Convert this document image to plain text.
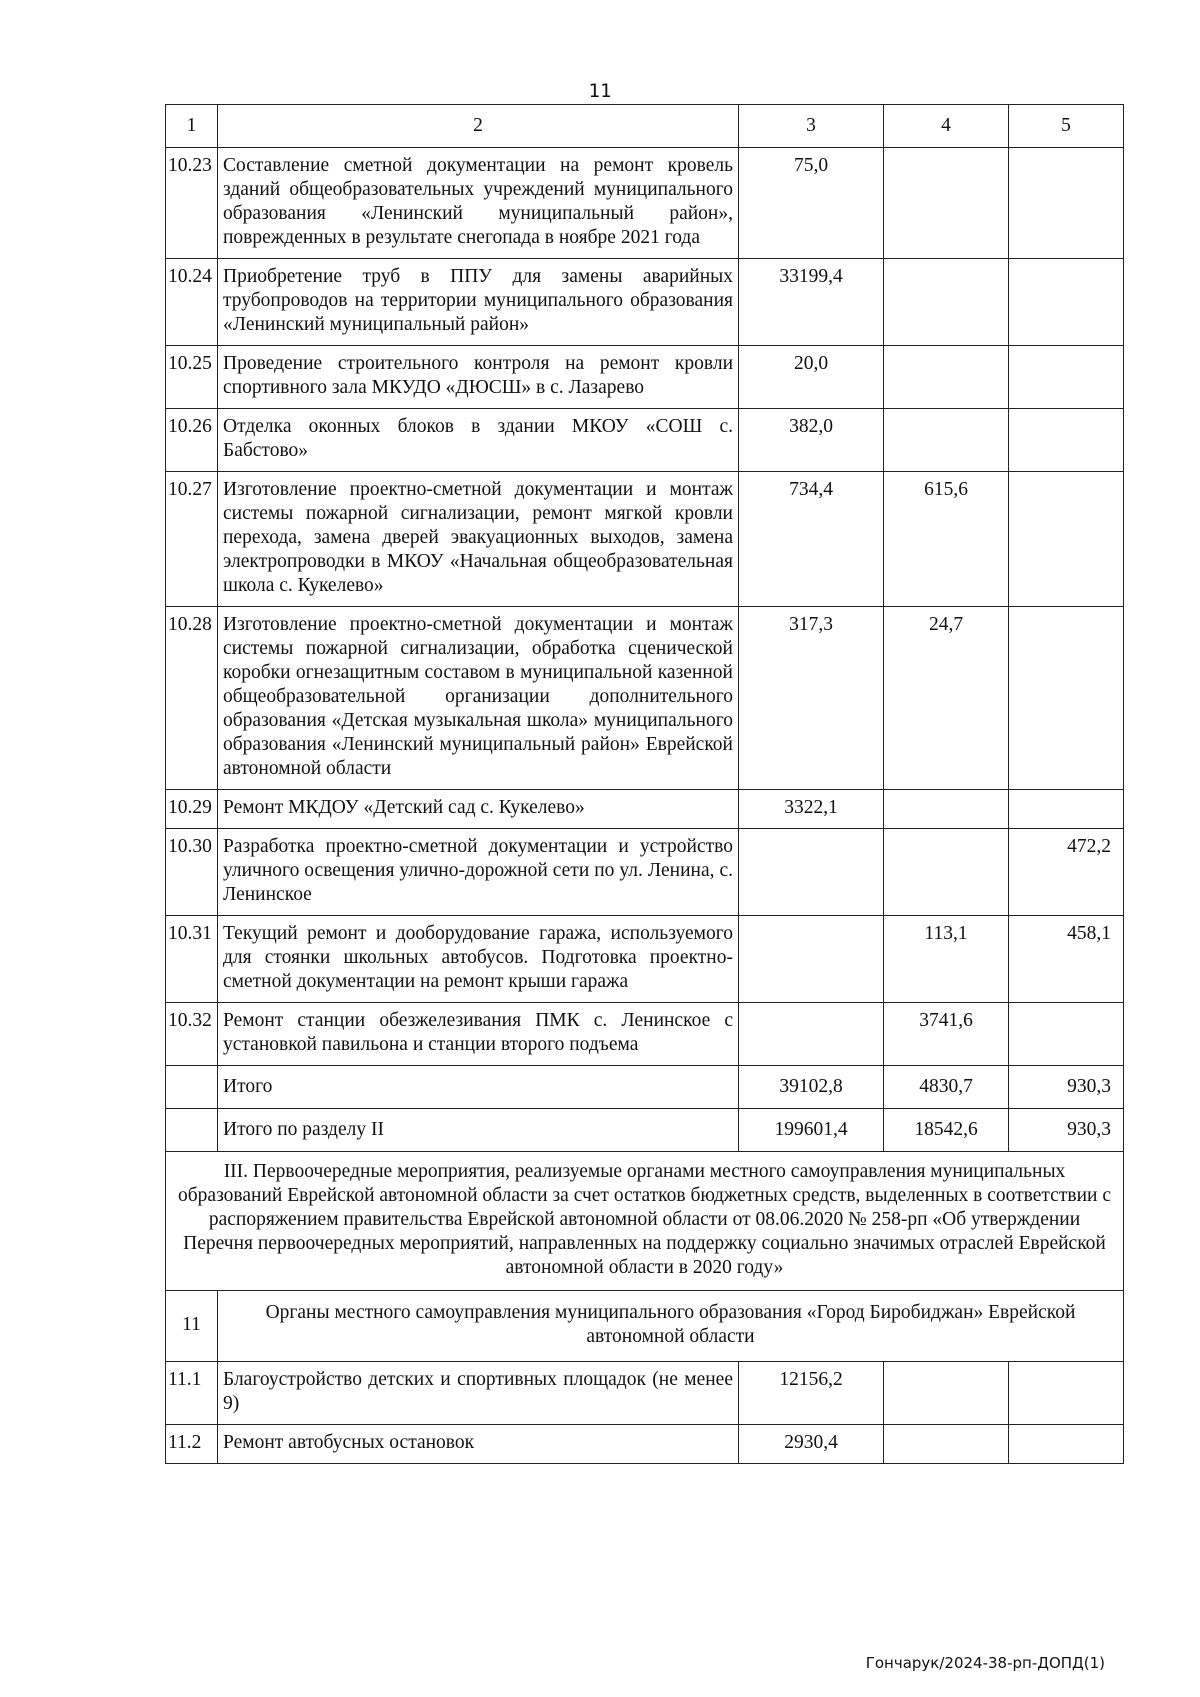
11
1	2	3	4	5
10.23	Составление сметной документации на ремонт кровель зданий общеобразовательных учреждений муниципального образования «Ленинский муниципальный район», поврежденных в результате снегопада в ноябре 2021 года	75,0		
10.24	Приобретение труб в ППУ для замены аварийных трубопроводов на территории муниципального образования «Ленинский муниципальный район»	33199,4		
10.25	Проведение строительного контроля на ремонт кровли спортивного зала МКУДО «ДЮСШ» в с. Лазарево	20,0		
10.26	Отделка оконных блоков в здании МКОУ «СОШ с. Бабстово»	382,0		
10.27	Изготовление проектно-сметной документации и монтаж системы пожарной сигнализации, ремонт мягкой кровли перехода, замена дверей эвакуационных выходов, замена электропроводки в МКОУ «Начальная общеобразовательная школа с. Кукелево»	734,4	615,6	
10.28	Изготовление проектно-сметной документации и монтаж системы пожарной сигнализации, обработка сценической коробки огнезащитным составом в муниципальной казенной общеобразовательной организации дополнительного образования «Детская музыкальная школа» муниципального образования «Ленинский муниципальный район» Еврейской автономной области	317,3	24,7	
10.29	Ремонт МКДОУ «Детский сад с. Кукелево»	3322,1		
10.30	Разработка проектно-сметной документации и устройство уличного освещения улично-дорожной сети по ул. Ленина, с. Ленинское			472,2
10.31	Текущий ремонт и дооборудование гаража, используемого для стоянки школьных автобусов. Подготовка проектно-сметной документации на ремонт крыши гаража		113,1	458,1
10.32	Ремонт станции обезжелезивания ПМК с. Ленинское с установкой павильона и станции второго подъема		3741,6	
	Итого	39102,8	4830,7	930,3
	Итого по разделу II	199601,4	18542,6	930,3
III. Первоочередные мероприятия, реализуемые органами местного самоуправления муниципальных образований Еврейской автономной области за счет остатков бюджетных средств, выделенных в соответствии с распоряжением правительства Еврейской автономной области от 08.06.2020 № 258-рп «Об утверждении Перечня первоочередных мероприятий, направленных на поддержку социально значимых отраслей Еврейской автономной области в 2020 году»				
11	Органы местного самоуправления муниципального образования «Город Биробиджан» Еврейской автономной области			
11.1	Благоустройство детских и спортивных площадок (не менее 9)	12156,2		
11.2	Ремонт автобусных остановок	2930,4		
Гончарук/2024-38-рп-ДОПД(1)
